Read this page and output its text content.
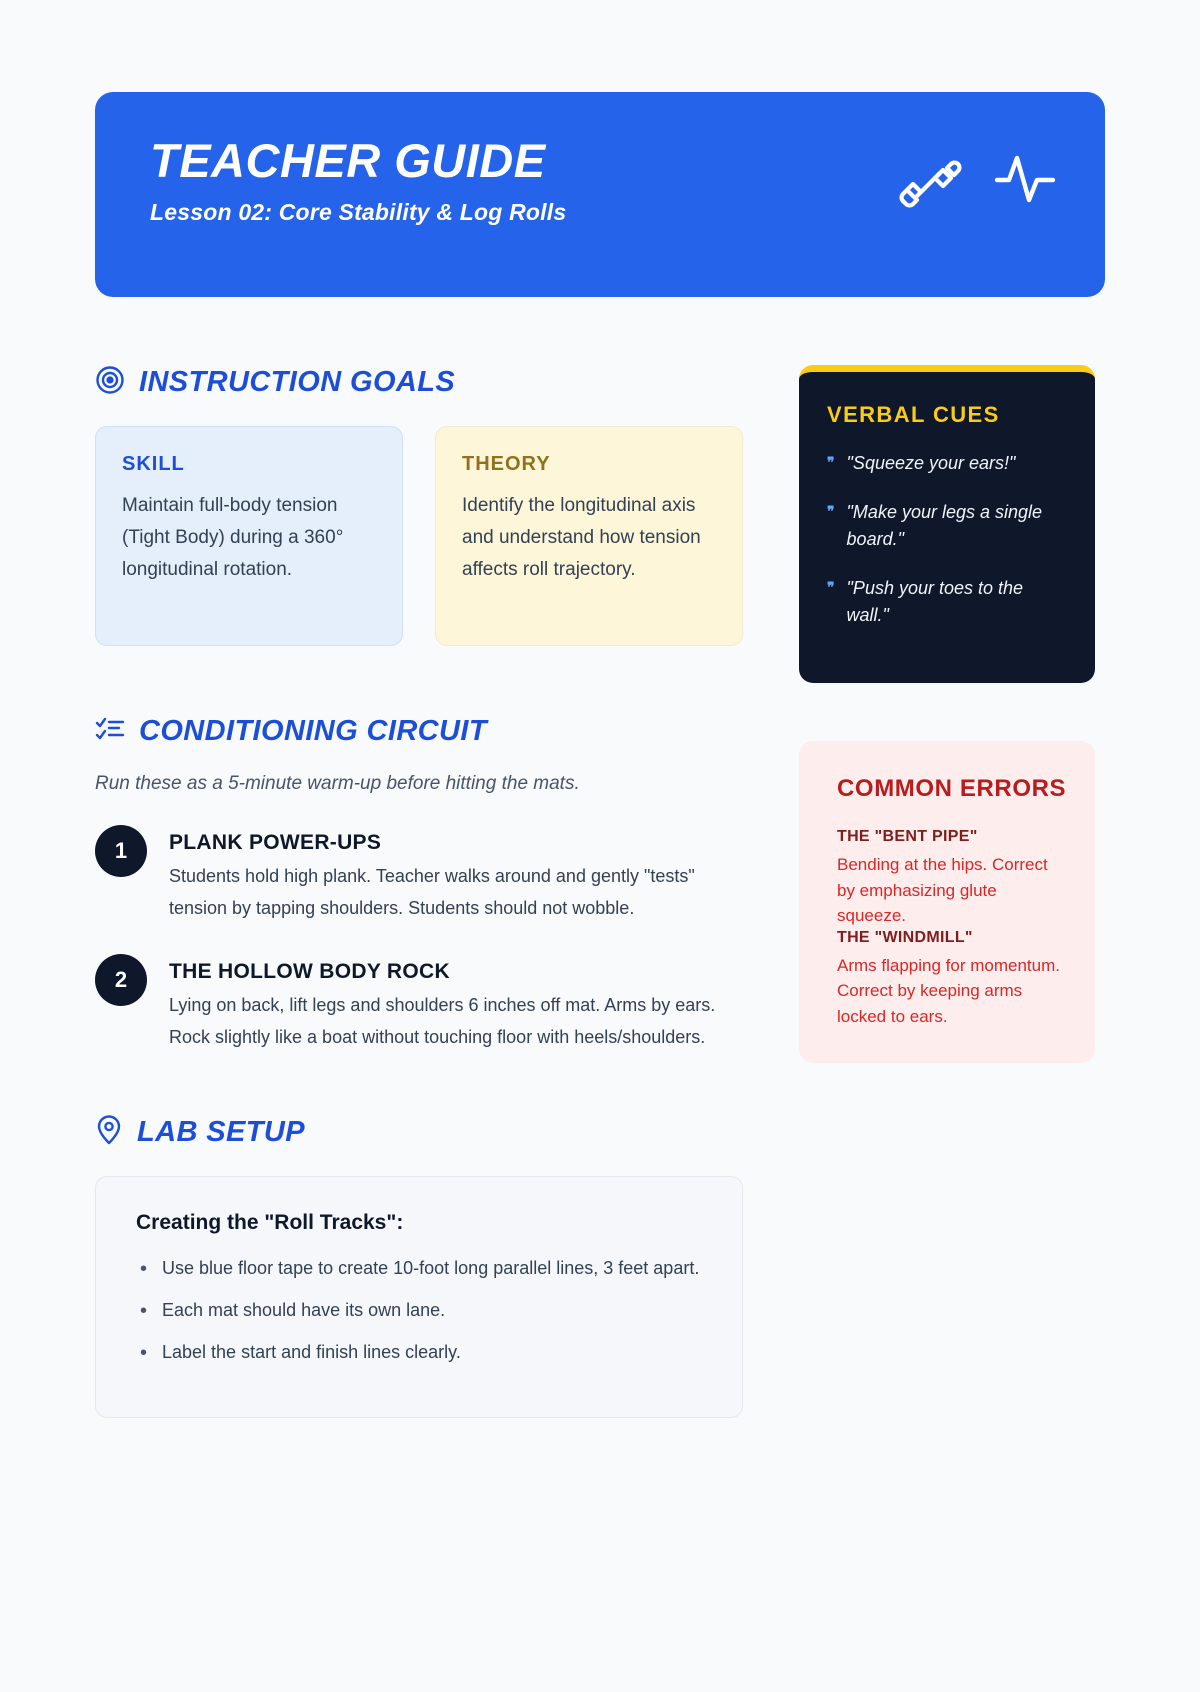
TEACHER GUIDE
Lesson 02: Core Stability & Log Rolls
INSTRUCTION GOALS
SKILL
Maintain full-body tension (Tight Body) during a 360° longitudinal rotation.
THEORY
Identify the longitudinal axis and understand how tension affects roll trajectory.
CONDITIONING CIRCUIT
Run these as a 5-minute warm-up before hitting the mats.
1	PLANK POWER-UPS
Students hold high plank. Teacher walks around and gently "tests" tension by tapping shoulders. Students should not wobble.
2	THE HOLLOW BODY ROCK
Lying on back, lift legs and shoulders 6 inches off mat. Arms by ears. Rock slightly like a boat without touching floor with heels/shoulders.
LAB SETUP
Creating the "Roll Tracks":
• Use blue floor tape to create 10-foot long parallel lines, 3 feet apart.
• Each mat should have its own lane.
• Label the start and finish lines clearly.
VERBAL CUES
❞ "Squeeze your ears!"
❞ "Make your legs a single board."
❞ "Push your toes to the wall."
COMMON ERRORS
THE "BENT PIPE"
Bending at the hips. Correct by emphasizing glute squeeze.
THE "WINDMILL"
Arms flapping for momentum. Correct by keeping arms locked to ears.
